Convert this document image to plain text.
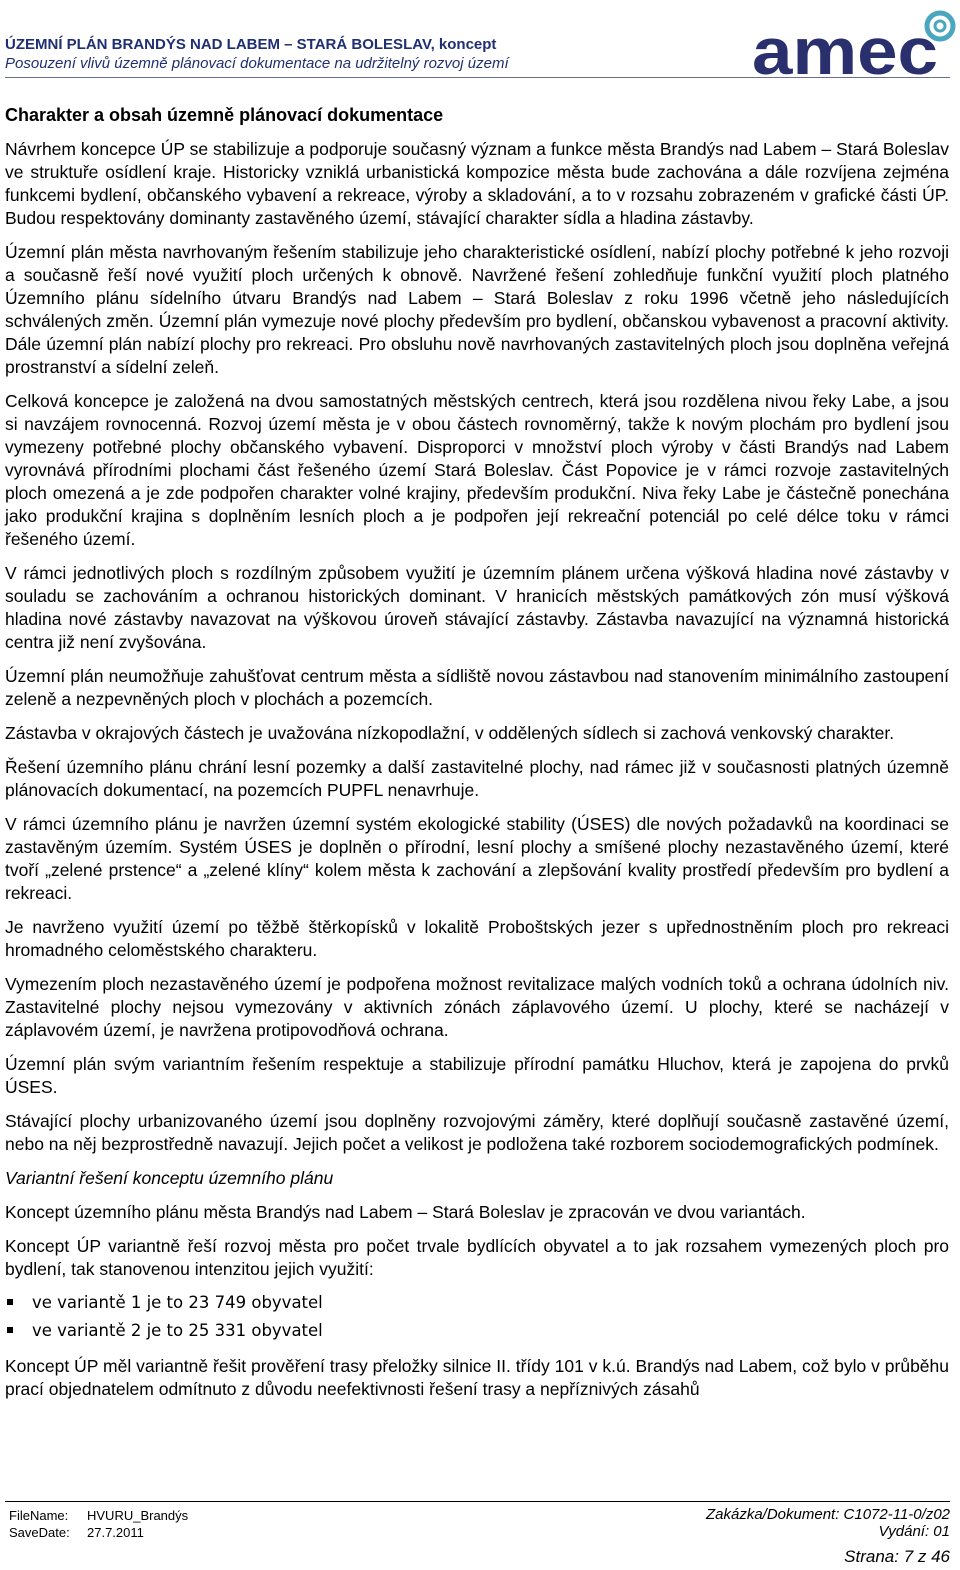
ÚZEMNÍ PLÁN BRANDÝS NAD LABEM – STARÁ BOLESLAV, koncept
Posouzení vlivů územně plánovací dokumentace na udržitelný rozvoj území	amec
Charakter a obsah územně plánovací dokumentace

Návrhem koncepce ÚP se stabilizuje a podporuje současný význam a funkce města Brandýs nad Labem – Stará Boleslav ve struktuře osídlení kraje. Historicky vzniklá urbanistická kompozice města bude zachována a dále rozvíjena zejména funkcemi bydlení, občanského vybavení a rekreace, výroby a skladování, a to v rozsahu zobrazeném v grafické části ÚP. Budou respektovány dominanty zastavěného území, stávající charakter sídla a hladina zástavby.

Územní plán města navrhovaným řešením stabilizuje jeho charakteristické osídlení, nabízí plochy potřebné k jeho rozvoji a současně řeší nové využití ploch určených k obnově. Navržené řešení zohledňuje funkční využití ploch platného Územního plánu sídelního útvaru Brandýs nad Labem – Stará Boleslav z roku 1996 včetně jeho následujících schválených změn. Územní plán vymezuje nové plochy především pro bydlení, občanskou vybavenost a pracovní aktivity. Dále územní plán nabízí plochy pro rekreaci. Pro obsluhu nově navrhovaných zastavitelných ploch jsou doplněna veřejná prostranství a sídelní zeleň.

Celková koncepce je založená na dvou samostatných městských centrech, která jsou rozdělena nivou řeky Labe, a jsou si navzájem rovnocenná. Rozvoj území města je v obou částech rovnoměrný, takže k novým plochám pro bydlení jsou vymezeny potřebné plochy občanského vybavení. Disproporci v množství ploch výroby v části Brandýs nad Labem vyrovnává přírodními plochami část řešeného území Stará Boleslav. Část Popovice je v rámci rozvoje zastavitelných ploch omezená a je zde podpořen charakter volné krajiny, především produkční. Niva řeky Labe je částečně ponechána jako produkční krajina s doplněním lesních ploch a je podpořen její rekreační potenciál po celé délce toku v rámci řešeného území.

V rámci jednotlivých ploch s rozdílným způsobem využití je územním plánem určena výšková hladina nové zástavby v souladu se zachováním a ochranou historických dominant. V hranicích městských památkových zón musí výšková hladina nové zástavby navazovat na výškovou úroveň stávající zástavby. Zástavba navazující na významná historická centra již není zvyšována.

Územní plán neumožňuje zahušťovat centrum města a sídliště novou zástavbou nad stanovením minimálního zastoupení zeleně a nezpevněných ploch v plochách a pozemcích.

Zástavba v okrajových částech je uvažována nízkopodlažní, v oddělených sídlech si zachová venkovský charakter.

Řešení územního plánu chrání lesní pozemky a další zastavitelné plochy, nad rámec již v současnosti platných územně plánovacích dokumentací, na pozemcích PUPFL nenavrhuje.

V rámci územního plánu je navržen územní systém ekologické stability (ÚSES) dle nových požadavků na koordinaci se zastavěným územím. Systém ÚSES je doplněn o přírodní, lesní plochy a smíšené plochy nezastavěného území, které tvoří „zelené prstence“ a „zelené klíny“ kolem města k zachování a zlepšování kvality prostředí především pro bydlení a rekreaci.

Je navrženo využití území po těžbě štěrkopísků v lokalitě Proboštských jezer s upřednostněním ploch pro rekreaci hromadného celoměstského charakteru.

Vymezením ploch nezastavěného území je podpořena možnost revitalizace malých vodních toků a ochrana údolních niv. Zastavitelné plochy nejsou vymezovány v aktivních zónách záplavového území. U plochy, které se nacházejí v záplavovém území, je navržena protipovodňová ochrana.

Územní plán svým variantním řešením respektuje a stabilizuje přírodní památku Hluchov, která je zapojena do prvků ÚSES.

Stávající plochy urbanizovaného území jsou doplněny rozvojovými záměry, které doplňují současně zastavěné území, nebo na něj bezprostředně navazují. Jejich počet a velikost je podložena také rozborem sociodemografických podmínek.

Variantní řešení konceptu územního plánu

Koncept územního plánu města Brandýs nad Labem – Stará Boleslav je zpracován ve dvou variantách.

Koncept ÚP variantně řeší rozvoj města pro počet trvale bydlících obyvatel a to jak rozsahem vymezených ploch pro bydlení, tak stanovenou intenzitou jejich využití:

ve variantě 1 je to 23 749 obyvatel
ve variantě 2 je to 25 331 obyvatel

Koncept ÚP měl variantně řešit prověření trasy přeložky silnice II. třídy 101 v k.ú. Brandýs nad Labem, což bylo v průběhu prací objednatelem odmítnuto z důvodu neefektivnosti řešení trasy a nepříznivých zásahů

FileName: HVURU_Brandýs
SaveDate: 27.7.2011
Zakázka/Dokument: C1072-11-0/z02
Vydání: 01
Strana: 7 z 46
